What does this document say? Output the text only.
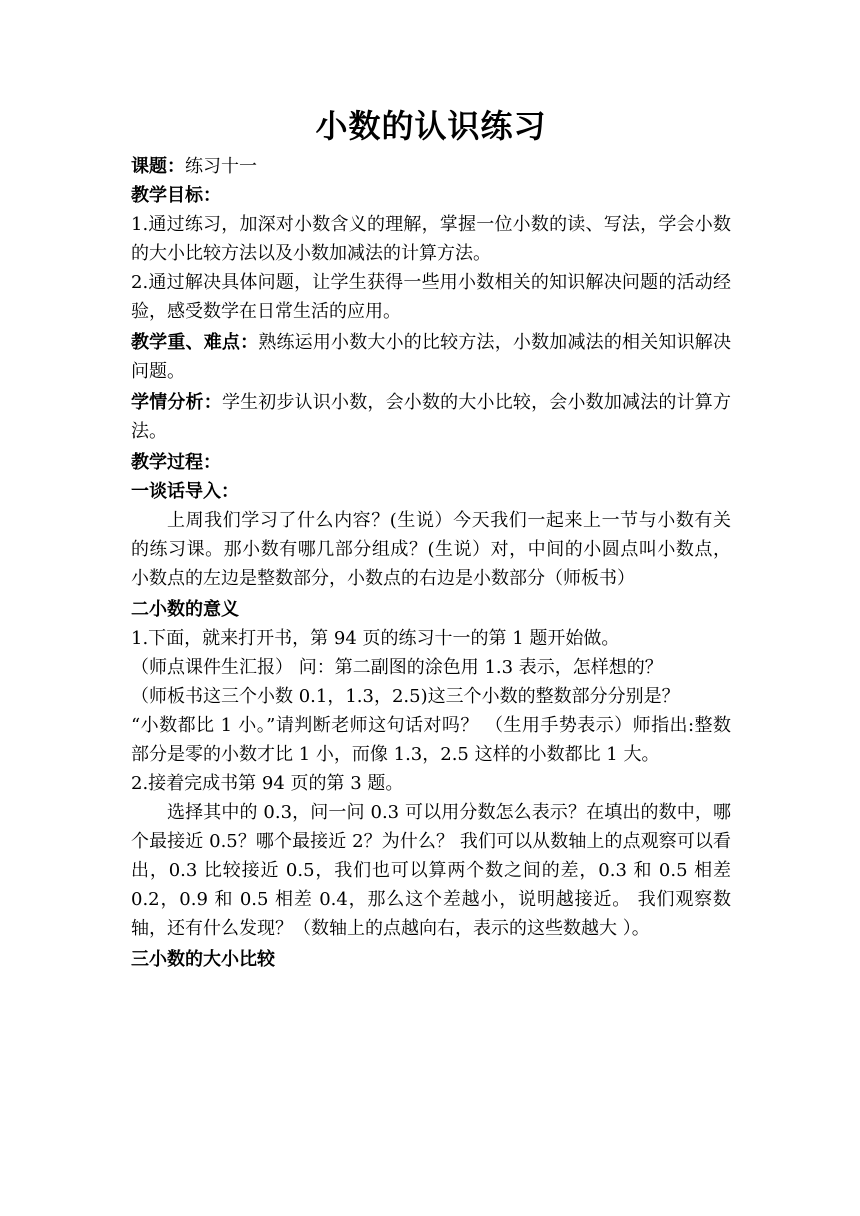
小数的认识练习

课题：练习十一

教学目标：

1.通过练习，加深对小数含义的理解，掌握一位小数的读、写法，学会小数的大小比较方法以及小数加减法的计算方法。

2.通过解决具体问题，让学生获得一些用小数相关的知识解决问题的活动经验，感受数学在日常生活的应用。

教学重、难点：熟练运用小数大小的比较方法，小数加减法的相关知识解决问题。

学情分析：学生初步认识小数，会小数的大小比较，会小数加减法的计算方法。

教学过程：

一谈话导入：

上周我们学习了什么内容？(生说）今天我们一起来上一节与小数有关的练习课。那小数有哪几部分组成？(生说）对，中间的小圆点叫小数点，小数点的左边是整数部分，小数点的右边是小数部分（师板书）

二小数的意义

1.下面，就来打开书，第 94 页的练习十一的第 1 题开始做。

（师点课件生汇报） 问：第二副图的涂色用 1.3 表示，怎样想的？

（师板书这三个小数 0.1，1.3，2.5)这三个小数的整数部分分别是？

“小数都比 1 小。”请判断老师这句话对吗？ （生用手势表示）师指出:整数部分是零的小数才比 1 小，而像 1.3，2.5 这样的小数都比 1 大。

2.接着完成书第 94 页的第 3 题。

选择其中的 0.3，问一问 0.3 可以用分数怎么表示？在填出的数中，哪个最接近 0.5？哪个最接近 2？为什么？ 我们可以从数轴上的点观察可以看出，0.3 比较接近 0.5，我们也可以算两个数之间的差，0.3 和 0.5 相差 0.2，0.9 和 0.5 相差 0.4，那么这个差越小，说明越接近。 我们观察数轴，还有什么发现？（数轴上的点越向右，表示的这些数越大 ）。

三小数的大小比较
